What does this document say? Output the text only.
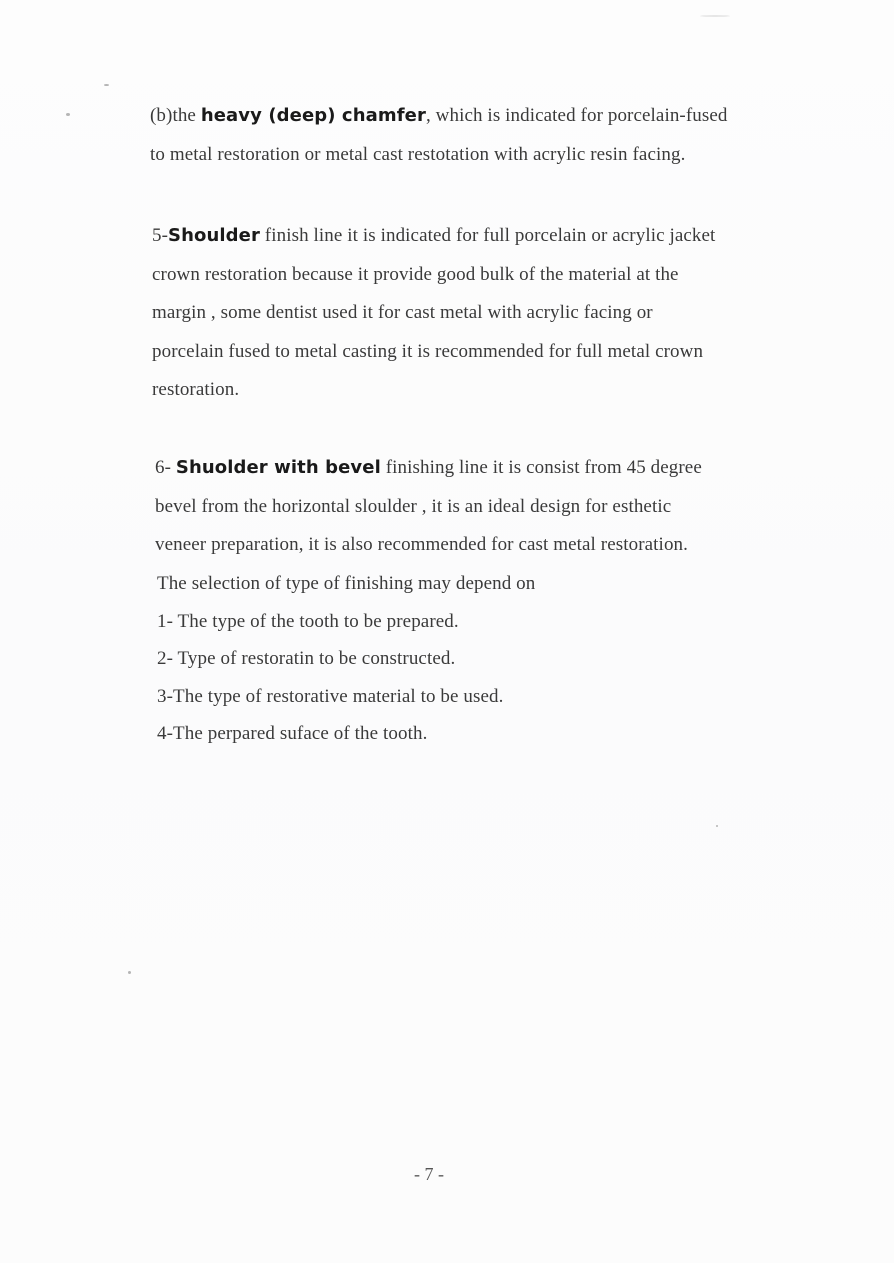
(b)the heavy (deep) chamfer, which is indicated for porcelain-fused
to metal restoration or metal cast restotation with acrylic resin facing.
5-Shoulder finish line it is indicated for full porcelain or acrylic jacket
crown restoration because it provide good bulk of the material at the
margin , some dentist used it for cast metal with acrylic facing or
porcelain fused to metal casting it is recommended for full metal crown
restoration.
6- Shuolder with bevel finishing line it is consist from 45 degree
bevel from the horizontal sloulder , it is an ideal design for esthetic
veneer preparation, it is also recommended for cast metal restoration.
The selection of type of finishing may depend on
1- The type of the tooth to be prepared.
2- Type of restoratin to be constructed.
3-The type of restorative material to be used.
4-The perpared suface of the tooth.
- 7 -
